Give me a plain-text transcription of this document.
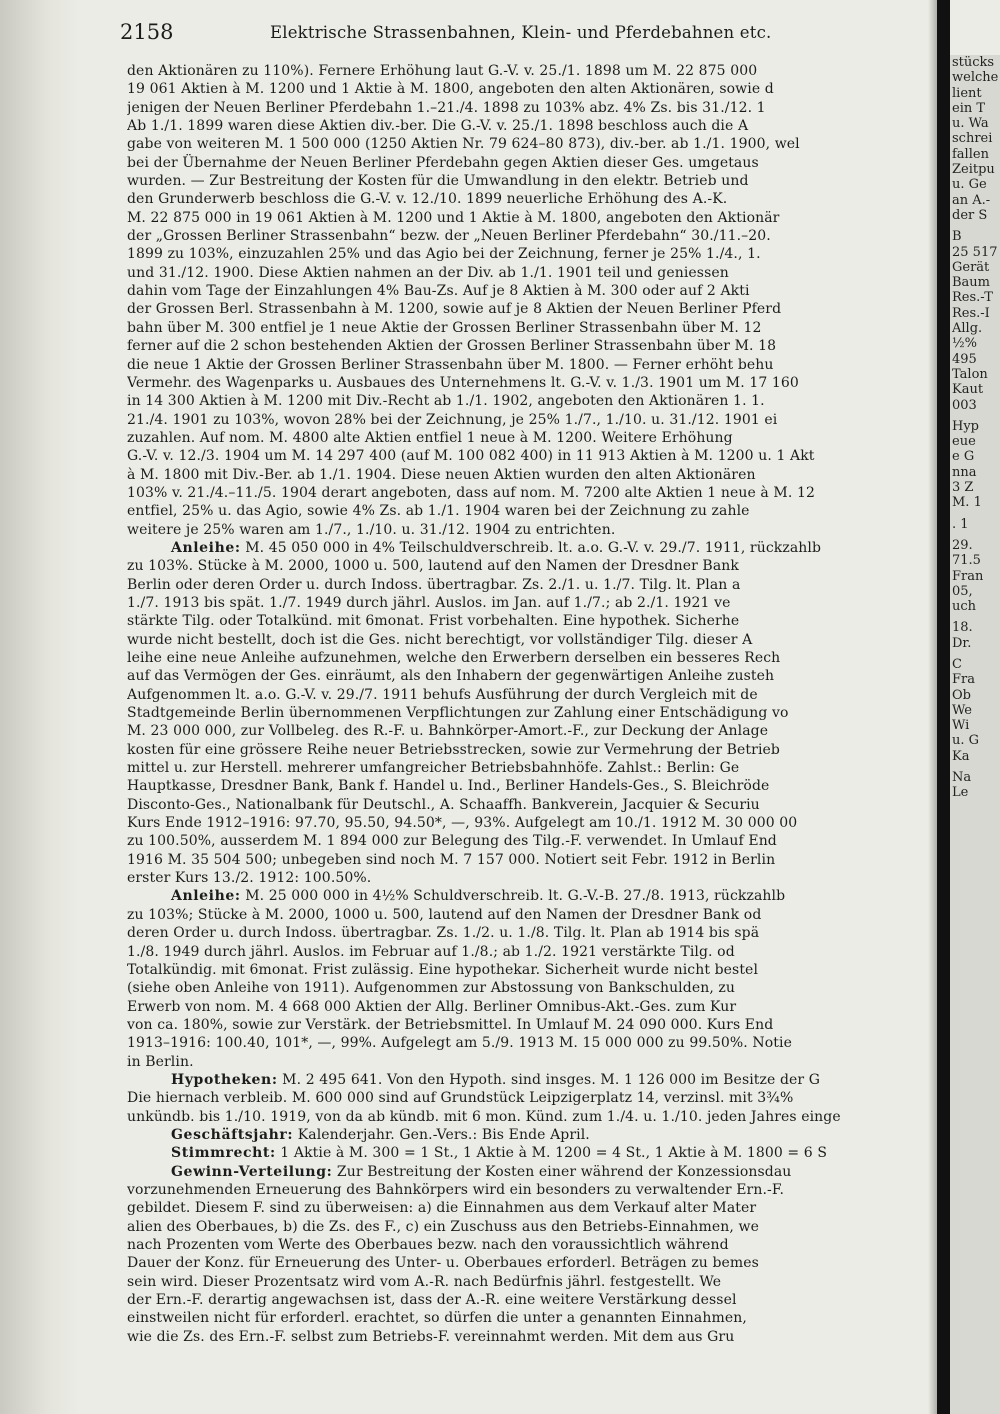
2158	Elektrische Strassenbahnen, Klein- und Pferdebahnen etc.
den Aktionären zu 110%). Fernere Erhöhung laut G.-V. v. 25./1. 1898 um M. 22 875 000
19 061 Aktien à M. 1200 und 1 Aktie à M. 1800, angeboten den alten Aktionären, sowie d
jenigen der Neuen Berliner Pferdebahn 1.–21./4. 1898 zu 103% abz. 4% Zs. bis 31./12. 1
Ab 1./1. 1899 waren diese Aktien div.-ber. Die G.-V. v. 25./1. 1898 beschloss auch die A
gabe von weiteren M. 1 500 000 (1250 Aktien Nr. 79 624–80 873), div.-ber. ab 1./1. 1900, wel
bei der Übernahme der Neuen Berliner Pferdebahn gegen Aktien dieser Ges. umgetaus
wurden. — Zur Bestreitung der Kosten für die Umwandlung in den elektr. Betrieb und
den Grunderwerb beschloss die G.-V. v. 12./10. 1899 neuerliche Erhöhung des A.-K.
M. 22 875 000 in 19 061 Aktien à M. 1200 und 1 Aktie à M. 1800, angeboten den Aktionär
der „Grossen Berliner Strassenbahn“ bezw. der „Neuen Berliner Pferdebahn“ 30./11.–20.
1899 zu 103%, einzuzahlen 25% und das Agio bei der Zeichnung, ferner je 25% 1./4., 1.
und 31./12. 1900. Diese Aktien nahmen an der Div. ab 1./1. 1901 teil und geniessen
dahin vom Tage der Einzahlungen 4% Bau-Zs. Auf je 8 Aktien à M. 300 oder auf 2 Akti
der Grossen Berl. Strassenbahn à M. 1200, sowie auf je 8 Aktien der Neuen Berliner Pferd
bahn über M. 300 entfiel je 1 neue Aktie der Grossen Berliner Strassenbahn über M. 12
ferner auf die 2 schon bestehenden Aktien der Grossen Berliner Strassenbahn über M. 18
die neue 1 Aktie der Grossen Berliner Strassenbahn über M. 1800. — Ferner erhöht behu
Vermehr. des Wagenparks u. Ausbaues des Unternehmens lt. G.-V. v. 1./3. 1901 um M. 17 160
in 14 300 Aktien à M. 1200 mit Div.-Recht ab 1./1. 1902, angeboten den Aktionären 1. 1.
21./4. 1901 zu 103%, wovon 28% bei der Zeichnung, je 25% 1./7., 1./10. u. 31./12. 1901 ei
zuzahlen. Auf nom. M. 4800 alte Aktien entfiel 1 neue à M. 1200. Weitere Erhöhung
G.-V. v. 12./3. 1904 um M. 14 297 400 (auf M. 100 082 400) in 11 913 Aktien à M. 1200 u. 1 Akt
à M. 1800 mit Div.-Ber. ab 1./1. 1904. Diese neuen Aktien wurden den alten Aktionären
103% v. 21./4.–11./5. 1904 derart angeboten, dass auf nom. M. 7200 alte Aktien 1 neue à M. 12
entfiel, 25% u. das Agio, sowie 4% Zs. ab 1./1. 1904 waren bei der Zeichnung zu zahle
weitere je 25% waren am 1./7., 1./10. u. 31./12. 1904 zu entrichten.
Anleihe: M. 45 050 000 in 4% Teilschuldverschreib. lt. a.o. G.-V. v. 29./7. 1911, rückzahlb
zu 103%. Stücke à M. 2000, 1000 u. 500, lautend auf den Namen der Dresdner Bank
Berlin oder deren Order u. durch Indoss. übertragbar. Zs. 2./1. u. 1./7. Tilg. lt. Plan a
1./7. 1913 bis spät. 1./7. 1949 durch jährl. Auslos. im Jan. auf 1./7.; ab 2./1. 1921 ve
stärkte Tilg. oder Totalkünd. mit 6monat. Frist vorbehalten. Eine hypothek. Sicherhe
wurde nicht bestellt, doch ist die Ges. nicht berechtigt, vor vollständiger Tilg. dieser A
leihe eine neue Anleihe aufzunehmen, welche den Erwerbern derselben ein besseres Rech
auf das Vermögen der Ges. einräumt, als den Inhabern der gegenwärtigen Anleihe zusteh
Aufgenommen lt. a.o. G.-V. v. 29./7. 1911 behufs Ausführung der durch Vergleich mit de
Stadtgemeinde Berlin übernommenen Verpflichtungen zur Zahlung einer Entschädigung vo
M. 23 000 000, zur Vollbeleg. des R.-F. u. Bahnkörper-Amort.-F., zur Deckung der Anlage
kosten für eine grössere Reihe neuer Betriebsstrecken, sowie zur Vermehrung der Betrieb
mittel u. zur Herstell. mehrerer umfangreicher Betriebsbahnhöfe. Zahlst.: Berlin: Ge
Hauptkasse, Dresdner Bank, Bank f. Handel u. Ind., Berliner Handels-Ges., S. Bleichröde
Disconto-Ges., Nationalbank für Deutschl., A. Schaaffh. Bankverein, Jacquier & Securiu
Kurs Ende 1912–1916: 97.70, 95.50, 94.50*, —, 93%. Aufgelegt am 10./1. 1912 M. 30 000 00
zu 100.50%, ausserdem M. 1 894 000 zur Belegung des Tilg.-F. verwendet. In Umlauf End
1916 M. 35 504 500; unbegeben sind noch M. 7 157 000. Notiert seit Febr. 1912 in Berlin
erster Kurs 13./2. 1912: 100.50%.
Anleihe: M. 25 000 000 in 4½% Schuldverschreib. lt. G.-V.-B. 27./8. 1913, rückzahlb
zu 103%; Stücke à M. 2000, 1000 u. 500, lautend auf den Namen der Dresdner Bank od
deren Order u. durch Indoss. übertragbar. Zs. 1./2. u. 1./8. Tilg. lt. Plan ab 1914 bis spä
1./8. 1949 durch jährl. Auslos. im Februar auf 1./8.; ab 1./2. 1921 verstärkte Tilg. od
Totalkündig. mit 6monat. Frist zulässig. Eine hypothekar. Sicherheit wurde nicht bestel
(siehe oben Anleihe von 1911). Aufgenommen zur Abstossung von Bankschulden, zu
Erwerb von nom. M. 4 668 000 Aktien der Allg. Berliner Omnibus-Akt.-Ges. zum Kur
von ca. 180%, sowie zur Verstärk. der Betriebsmittel. In Umlauf M. 24 090 000. Kurs End
1913–1916: 100.40, 101*, —, 99%. Aufgelegt am 5./9. 1913 M. 15 000 000 zu 99.50%. Notie
in Berlin.
Hypotheken: M. 2 495 641. Von den Hypoth. sind insges. M. 1 126 000 im Besitze der G
Die hiernach verbleib. M. 600 000 sind auf Grundstück Leipzigerplatz 14, verzinsl. mit 3¾%
unkündb. bis 1./10. 1919, von da ab kündb. mit 6 mon. Künd. zum 1./4. u. 1./10. jeden Jahres einge
Geschäftsjahr: Kalenderjahr. Gen.-Vers.: Bis Ende April.
Stimmrecht: 1 Aktie à M. 300 = 1 St., 1 Aktie à M. 1200 = 4 St., 1 Aktie à M. 1800 = 6 S
Gewinn-Verteilung: Zur Bestreitung der Kosten einer während der Konzessionsdau
vorzunehmenden Erneuerung des Bahnkörpers wird ein besonders zu verwaltender Ern.-F.
gebildet. Diesem F. sind zu überweisen: a) die Einnahmen aus dem Verkauf alter Mater
alien des Oberbaues, b) die Zs. des F., c) ein Zuschuss aus den Betriebs-Einnahmen, we
nach Prozenten vom Werte des Oberbaues bezw. nach den voraussichtlich während
Dauer der Konz. für Erneuerung des Unter- u. Oberbaues erforderl. Beträgen zu bemes
sein wird. Dieser Prozentsatz wird vom A.-R. nach Bedürfnis jährl. festgestellt. We
der Ern.-F. derartig angewachsen ist, dass der A.-R. eine weitere Verstärkung dessel
einstweilen nicht für erforderl. erachtet, so dürfen die unter a genannten Einnahmen,
wie die Zs. des Ern.-F. selbst zum Betriebs-F. vereinnahmt werden. Mit dem aus Gru
stücks
welche
lient
ein T
u. Wa
schrei
fallen
Zeitpu
u. Ge
an A.-
der S
B
25 517
Gerät
Baum
Res.-T
Res.-I
Allg.
½%
495
Talon
Kaut
003
Hyp
eue
e G
nna
3 Z
M. 1
. 1
29.
71.5
Fran
05,
uch
18.
Dr.
C
Fra
Ob
We
Wi
u. G
Ka
Na
Le
